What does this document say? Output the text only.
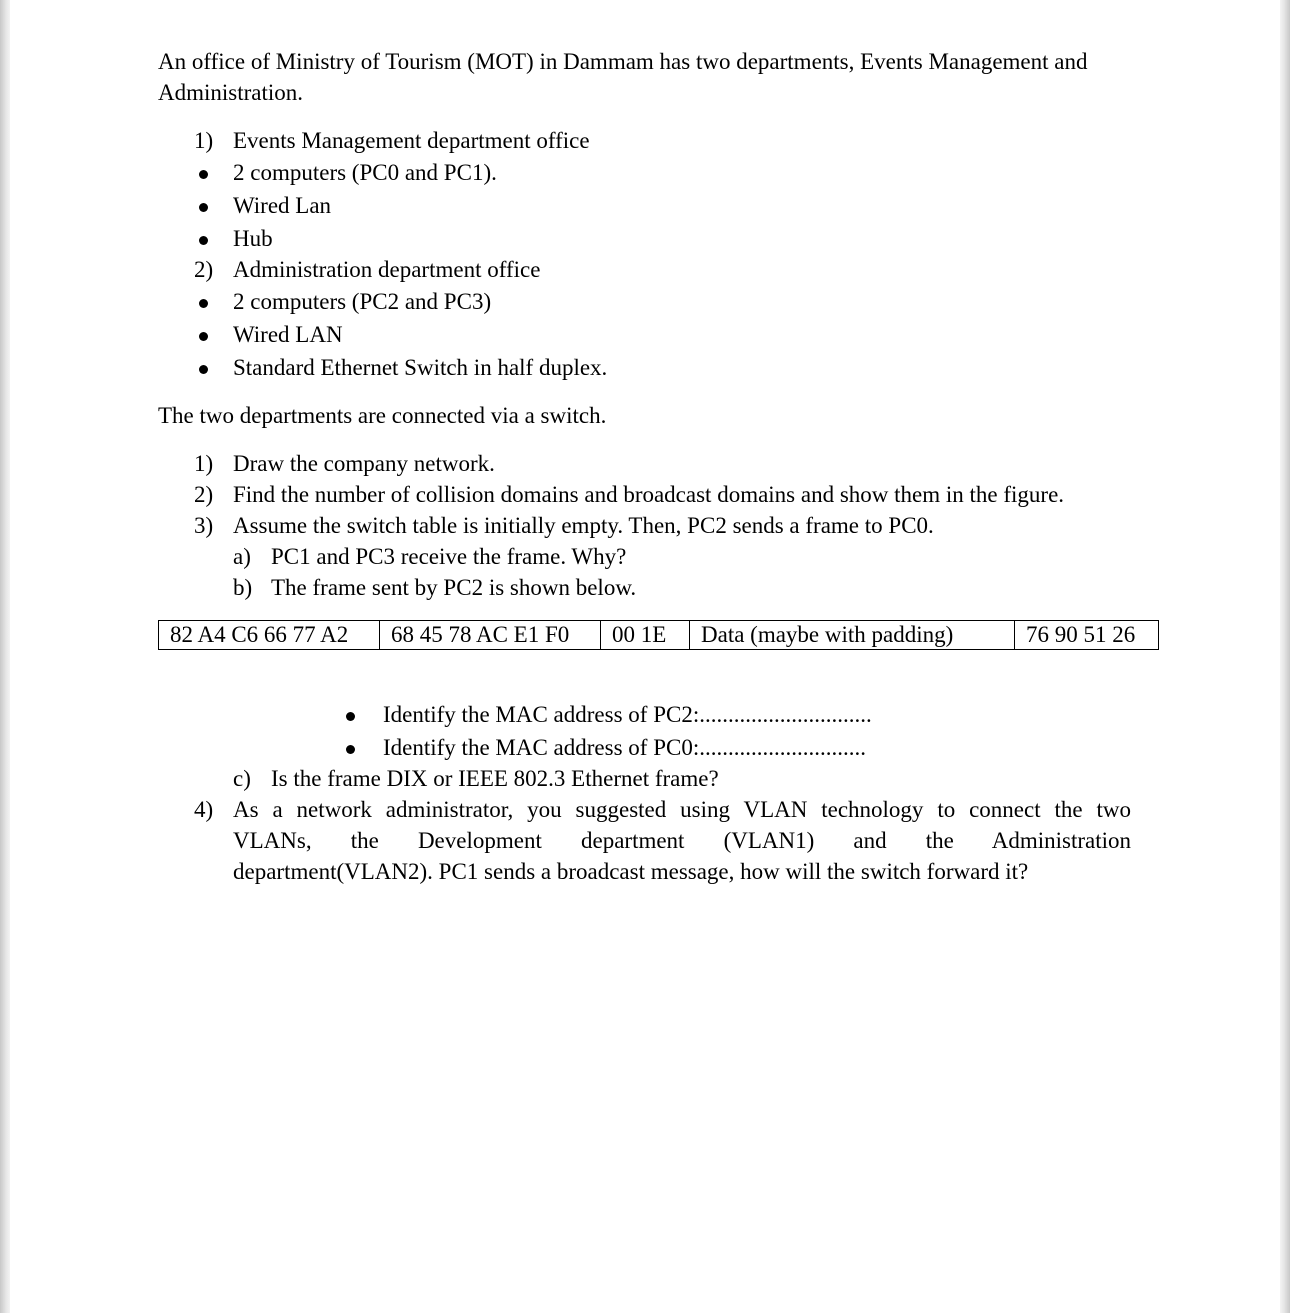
An office of Ministry of Tourism (MOT) in Dammam has two departments, Events Management and Administration.
1) Events Management department office
2 computers (PC0 and PC1).
Wired Lan
Hub
2) Administration department office
2 computers (PC2 and PC3)
Wired LAN
Standard Ethernet Switch in half duplex.
The two departments are connected via a switch.
1) Draw the company network.
2) Find the number of collision domains and broadcast domains and show them in the figure.
3) Assume the switch table is initially empty. Then, PC2 sends a frame to PC0.
a) PC1 and PC3 receive the frame. Why?
b) The frame sent by PC2 is shown below.
82 A4 C6 66 77 A2	68 45 78 AC E1 F0	00 1E	Data (maybe with padding)	76 90 51 26
Identify the MAC address of PC2:..............................
Identify the MAC address of PC0:.............................
c) Is the frame DIX or IEEE 802.3 Ethernet frame?
4) As a network administrator, you suggested using VLAN technology to connect the two
VLANs, the Development department (VLAN1) and the Administration
department(VLAN2). PC1 sends a broadcast message, how will the switch forward it?
